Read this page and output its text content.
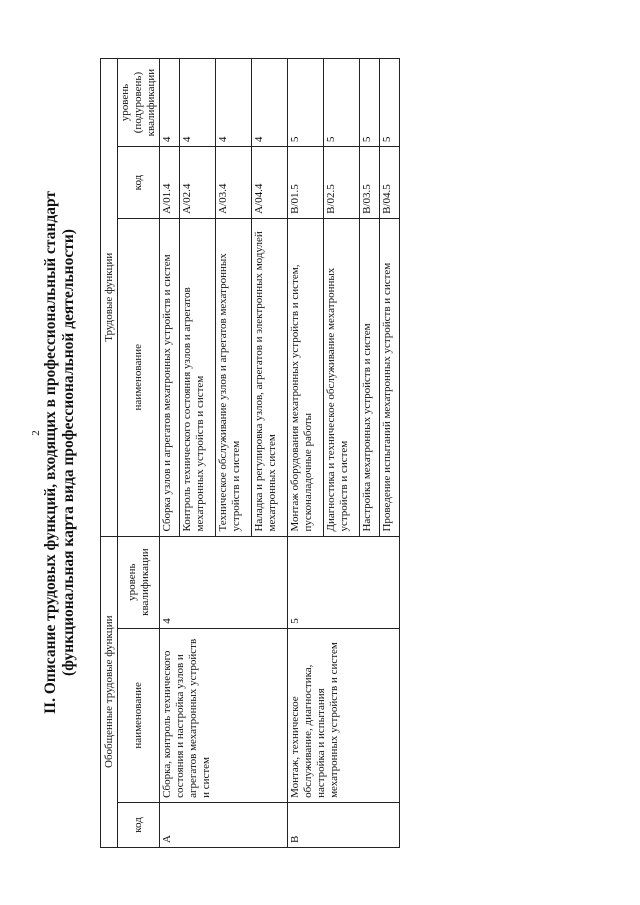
2 II. Описание трудовых функций, входящих в профессиональный стандарт (функциональная карта вида профессиональной деятельности)
Обобщенные трудовые функции			Трудовые функции		
код	наименование	уровень квалификации	наименование	код	уровень (подуровень) квалификации
А	Сборка, контроль технического состояния и настройка узлов и агрегатов мехатронных устройств и систем	4	Сборка узлов и агрегатов мехатронных устройств и систем	A/01.4	4
			Контроль технического состояния узлов и агрегатов мехатронных устройств и систем	A/02.4	4
			Техническое обслуживание узлов и агрегатов мехатронных устройств и систем	A/03.4	4
			Наладка и регулировка узлов, агрегатов и электронных модулей мехатронных систем	A/04.4	4
В	Монтаж, техническое обслуживание, диагностика, настройка и испытания мехатронных устройств и систем	5	Монтаж оборудования мехатронных устройств и систем, пусконаладочные работы	B/01.5	5
			Диагностика и техническое обслуживание мехатронных устройств и систем	B/02.5	5
			Настройка мехатронных устройств и систем	B/03.5	5
			Проведение испытаний мехатронных устройств и систем	B/04.5	5
